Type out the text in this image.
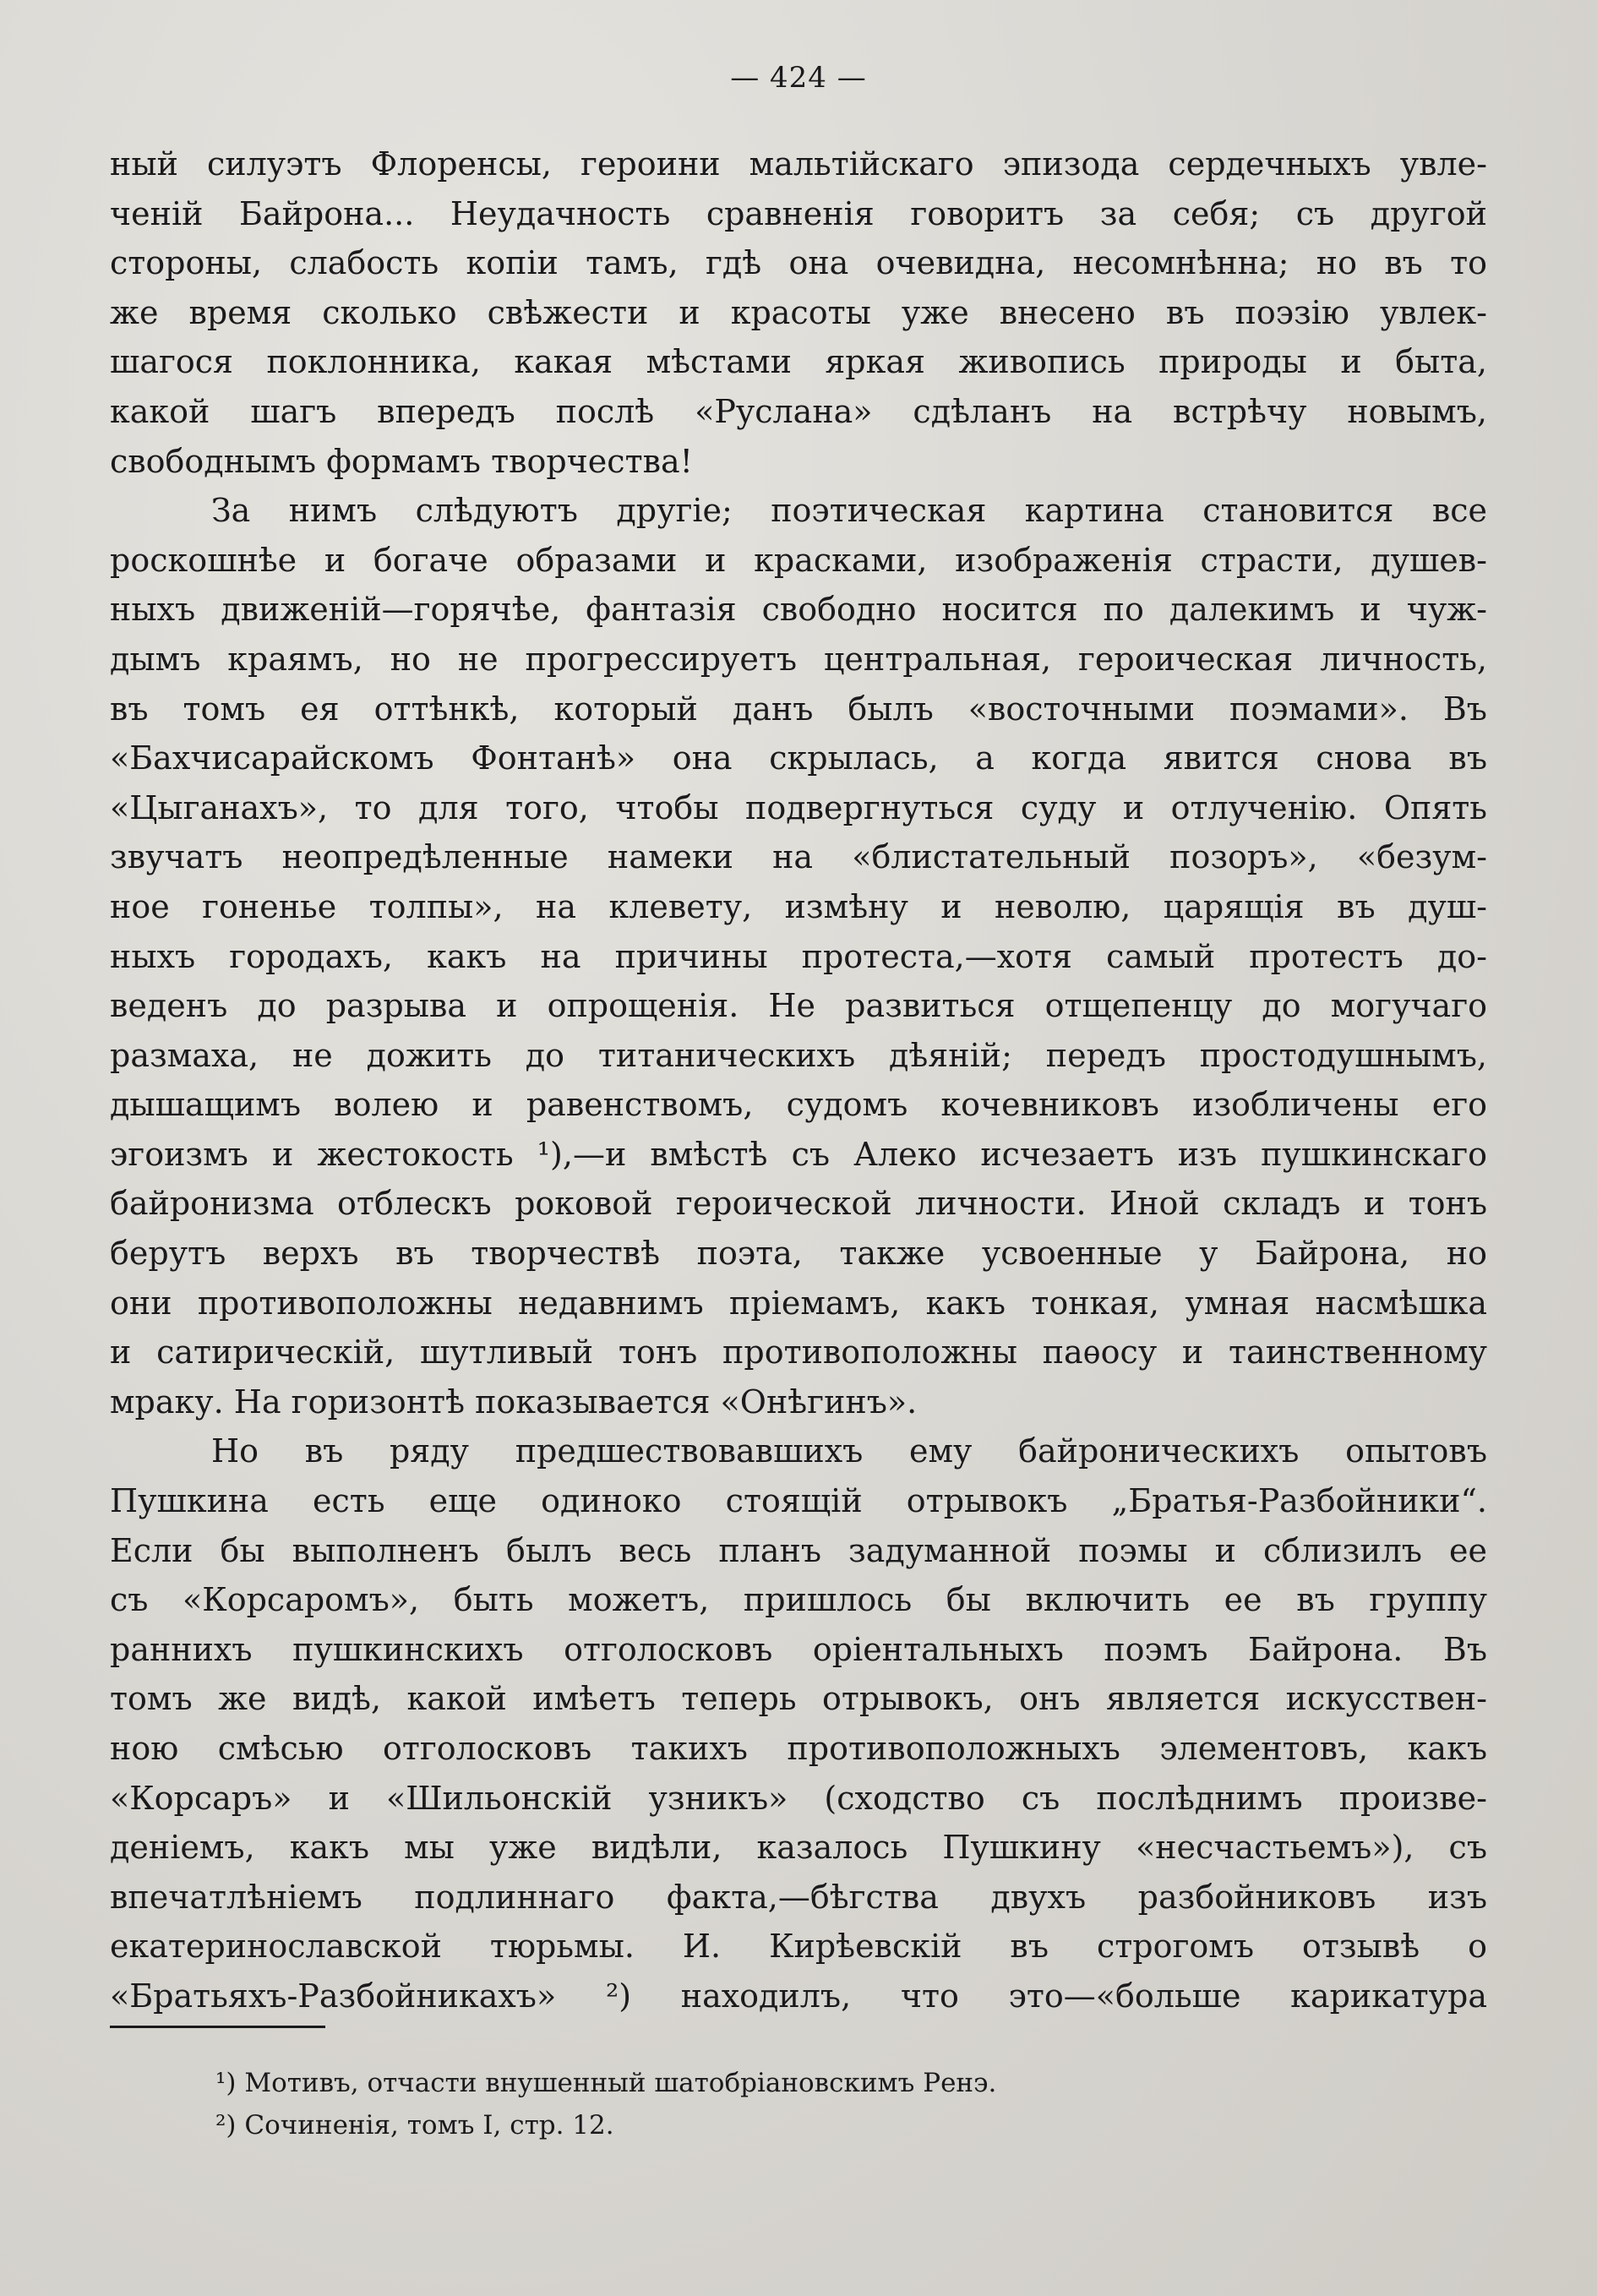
— 424 —

ный силуэтъ Флоренсы, героини мальтійскаго эпизода сердечныхъ увле-
ченій Байрона... Неудачность сравненія говоритъ за себя; съ другой
стороны, слабость копіи тамъ, гдѣ она очевидна, несомнѣнна; но въ то
же время сколько свѣжести и красоты уже внесено въ поэзію увлек-
шагося поклонника, какая мѣстами яркая живопись природы и быта,
какой шагъ впередъ послѣ «Руслана» сдѣланъ на встрѣчу новымъ,
свободнымъ формамъ творчества!

За нимъ слѣдуютъ другіе; поэтическая картина становится все
роскошнѣе и богаче образами и красками, изображенія страсти, душев-
ныхъ движеній—горячѣе, фантазія свободно носится по далекимъ и чуж-
дымъ краямъ, но не прогрессируетъ центральная, героическая личность,
въ томъ ея оттѣнкѣ, который данъ былъ «восточными поэмами». Въ
«Бахчисарайскомъ Фонтанѣ» она скрылась, а когда явится снова въ
«Цыганахъ», то для того, чтобы подвергнуться суду и отлученію. Опять
звучатъ неопредѣленные намеки на «блистательный позоръ», «безум-
ное гоненье толпы», на клевету, измѣну и неволю, царящія въ душ-
ныхъ городахъ, какъ на причины протеста,—хотя самый протестъ до-
веденъ до разрыва и опрощенія. Не развиться отщепенцу до могучаго
размаха, не дожить до титаническихъ дѣяній; передъ простодушнымъ,
дышащимъ волею и равенствомъ, судомъ кочевниковъ изобличены его
эгоизмъ и жестокость ¹),—и вмѣстѣ съ Алеко исчезаетъ изъ пушкинскаго
байронизма отблескъ роковой героической личности. Иной складъ и тонъ
берутъ верхъ въ творчествѣ поэта, также усвоенные у Байрона, но
они противоположны недавнимъ пріемамъ, какъ тонкая, умная насмѣшка
и сатирическій, шутливый тонъ противоположны паѳосу и таинственному
мраку. На горизонтѣ показывается «Онѣгинъ».

Но въ ряду предшествовавшихъ ему байроническихъ опытовъ
Пушкина есть еще одиноко стоящій отрывокъ „Братья-Разбойники“.
Если бы выполненъ былъ весь планъ задуманной поэмы и сблизилъ ее
съ «Корсаромъ», быть можетъ, пришлось бы включить ее въ группу
раннихъ пушкинскихъ отголосковъ оріентальныхъ поэмъ Байрона. Въ
томъ же видѣ, какой имѣетъ теперь отрывокъ, онъ является искусствен-
ною смѣсью отголосковъ такихъ противоположныхъ элементовъ, какъ
«Корсаръ» и «Шильонскій узникъ» (сходство съ послѣднимъ произве-
деніемъ, какъ мы уже видѣли, казалось Пушкину «несчастьемъ»), съ
впечатлѣніемъ подлиннаго факта,—бѣгства двухъ разбойниковъ изъ
екатеринославской тюрьмы. И. Кирѣевскій въ строгомъ отзывѣ о
«Братьяхъ-Разбойникахъ» ²) находилъ, что это—«больше карикатура

¹) Мотивъ, отчасти внушенный шатобріановскимъ Ренэ.
²) Сочиненія, томъ I, стр. 12.
